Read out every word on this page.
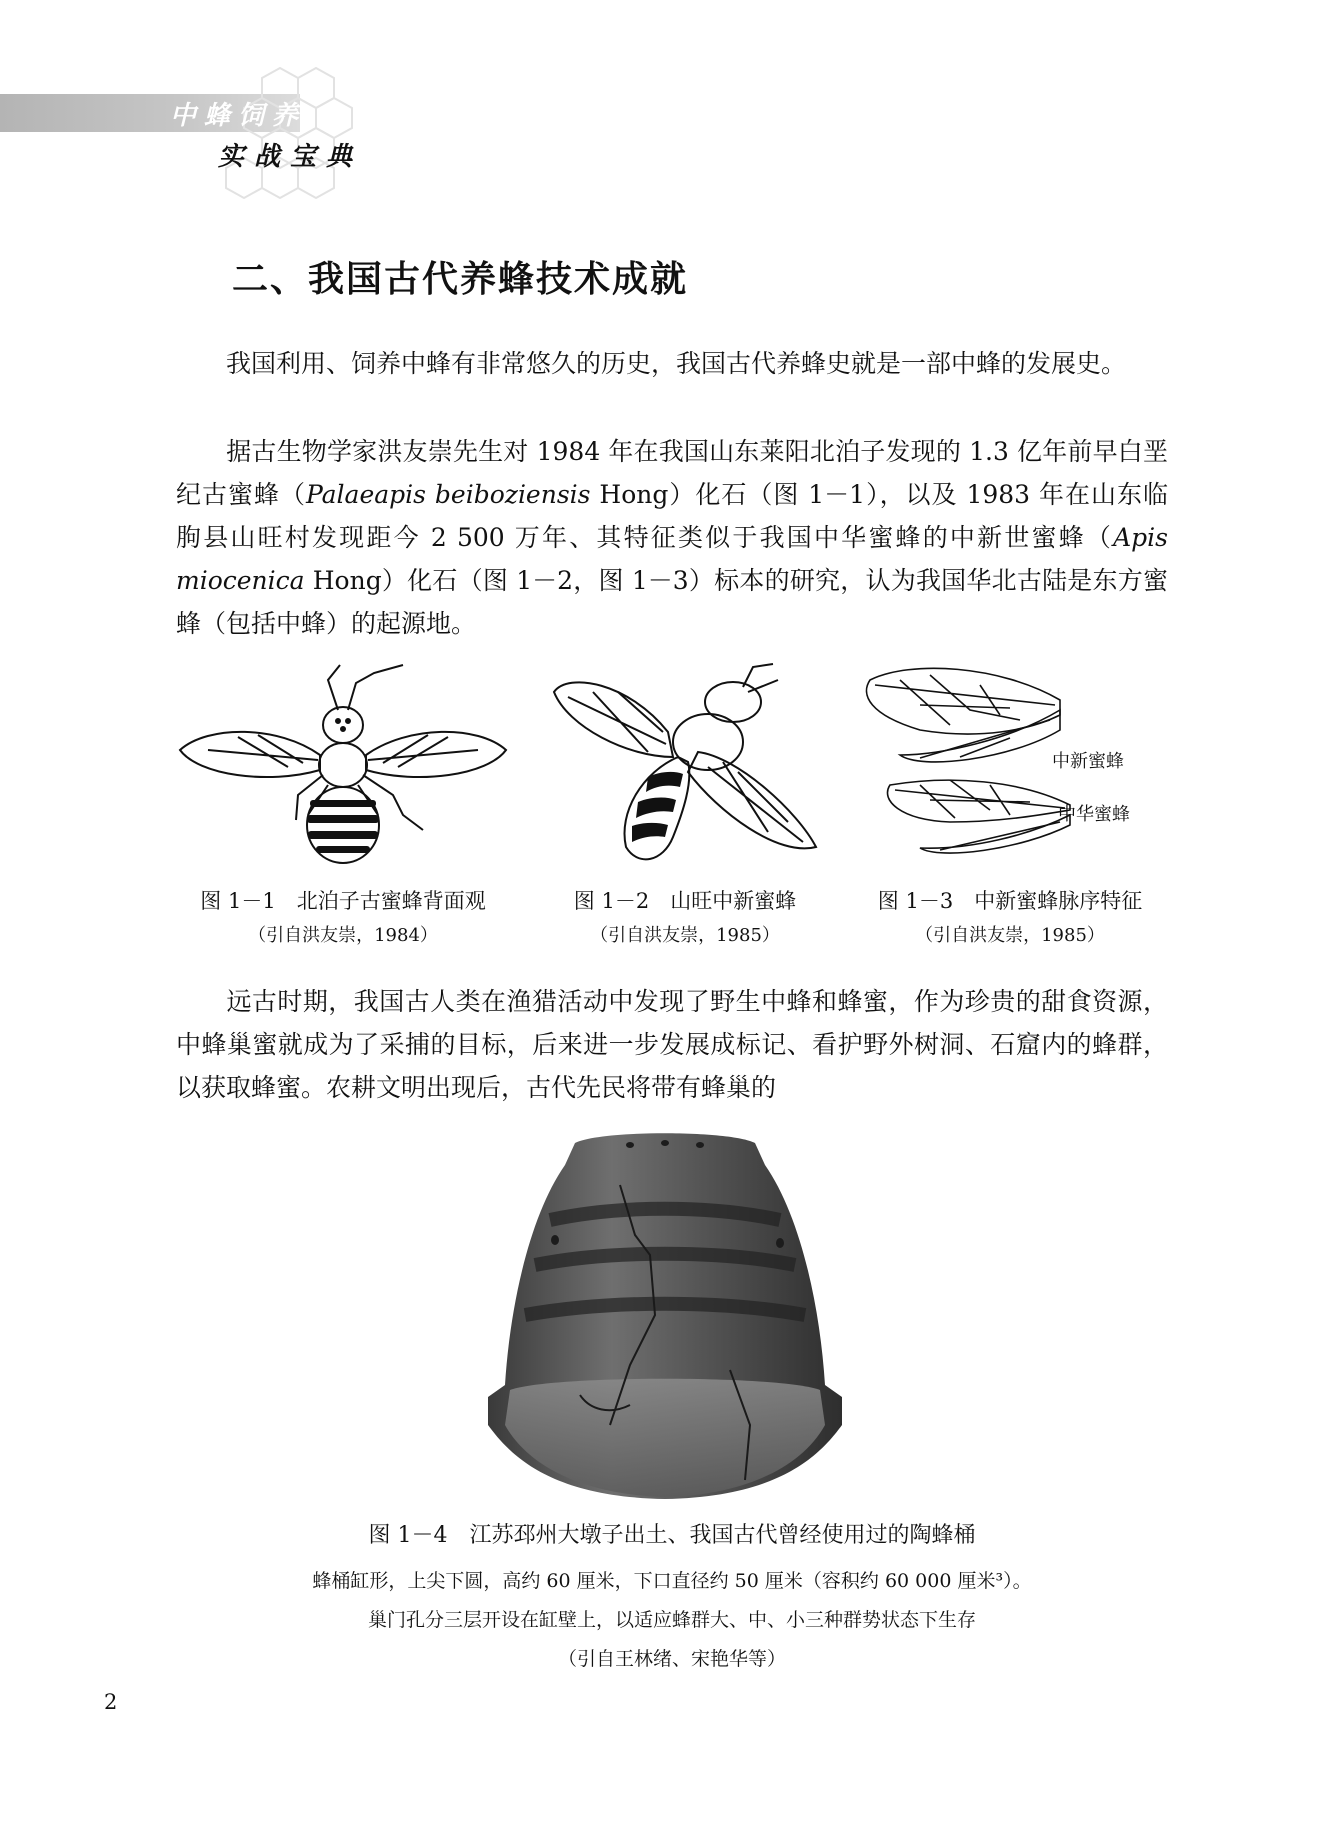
中蜂饲养
实战宝典
二、我国古代养蜂技术成就

我国利用、饲养中蜂有非常悠久的历史，我国古代养蜂史就是一部中蜂的发展史。

据古生物学家洪友崇先生对 1984 年在我国山东莱阳北泊子发现的 1.3 亿年前早白垩纪古蜜蜂（Palaeapis beiboziensis Hong）化石（图 1－1），以及 1983 年在山东临朐县山旺村发现距今 2 500 万年、其特征类似于我国中华蜜蜂的中新世蜜蜂（Apis miocenica Hong）化石（图 1－2，图 1－3）标本的研究，认为我国华北古陆是东方蜜蜂（包括中蜂）的起源地。

图 1－1　北泊子古蜜蜂背面观
（引自洪友崇，1984）
图 1－2　山旺中新蜜蜂
（引自洪友崇，1985）
中新蜜蜂
中华蜜蜂
图 1－3　中新蜜蜂脉序特征
（引自洪友崇，1985）

远古时期，我国古人类在渔猎活动中发现了野生中蜂和蜂蜜，作为珍贵的甜食资源，中蜂巢蜜就成为了采捕的目标，后来进一步发展成标记、看护野外树洞、石窟内的蜂群，以获取蜂蜜。农耕文明出现后，古代先民将带有蜂巢的

图 1－4　江苏邳州大墩子出土、我国古代曾经使用过的陶蜂桶
蜂桶缸形，上尖下圆，高约 60 厘米，下口直径约 50 厘米（容积约 60 000 厘米³）。
巢门孔分三层开设在缸壁上，以适应蜂群大、中、小三种群势状态下生存
（引自王林绪、宋艳华等）
2
